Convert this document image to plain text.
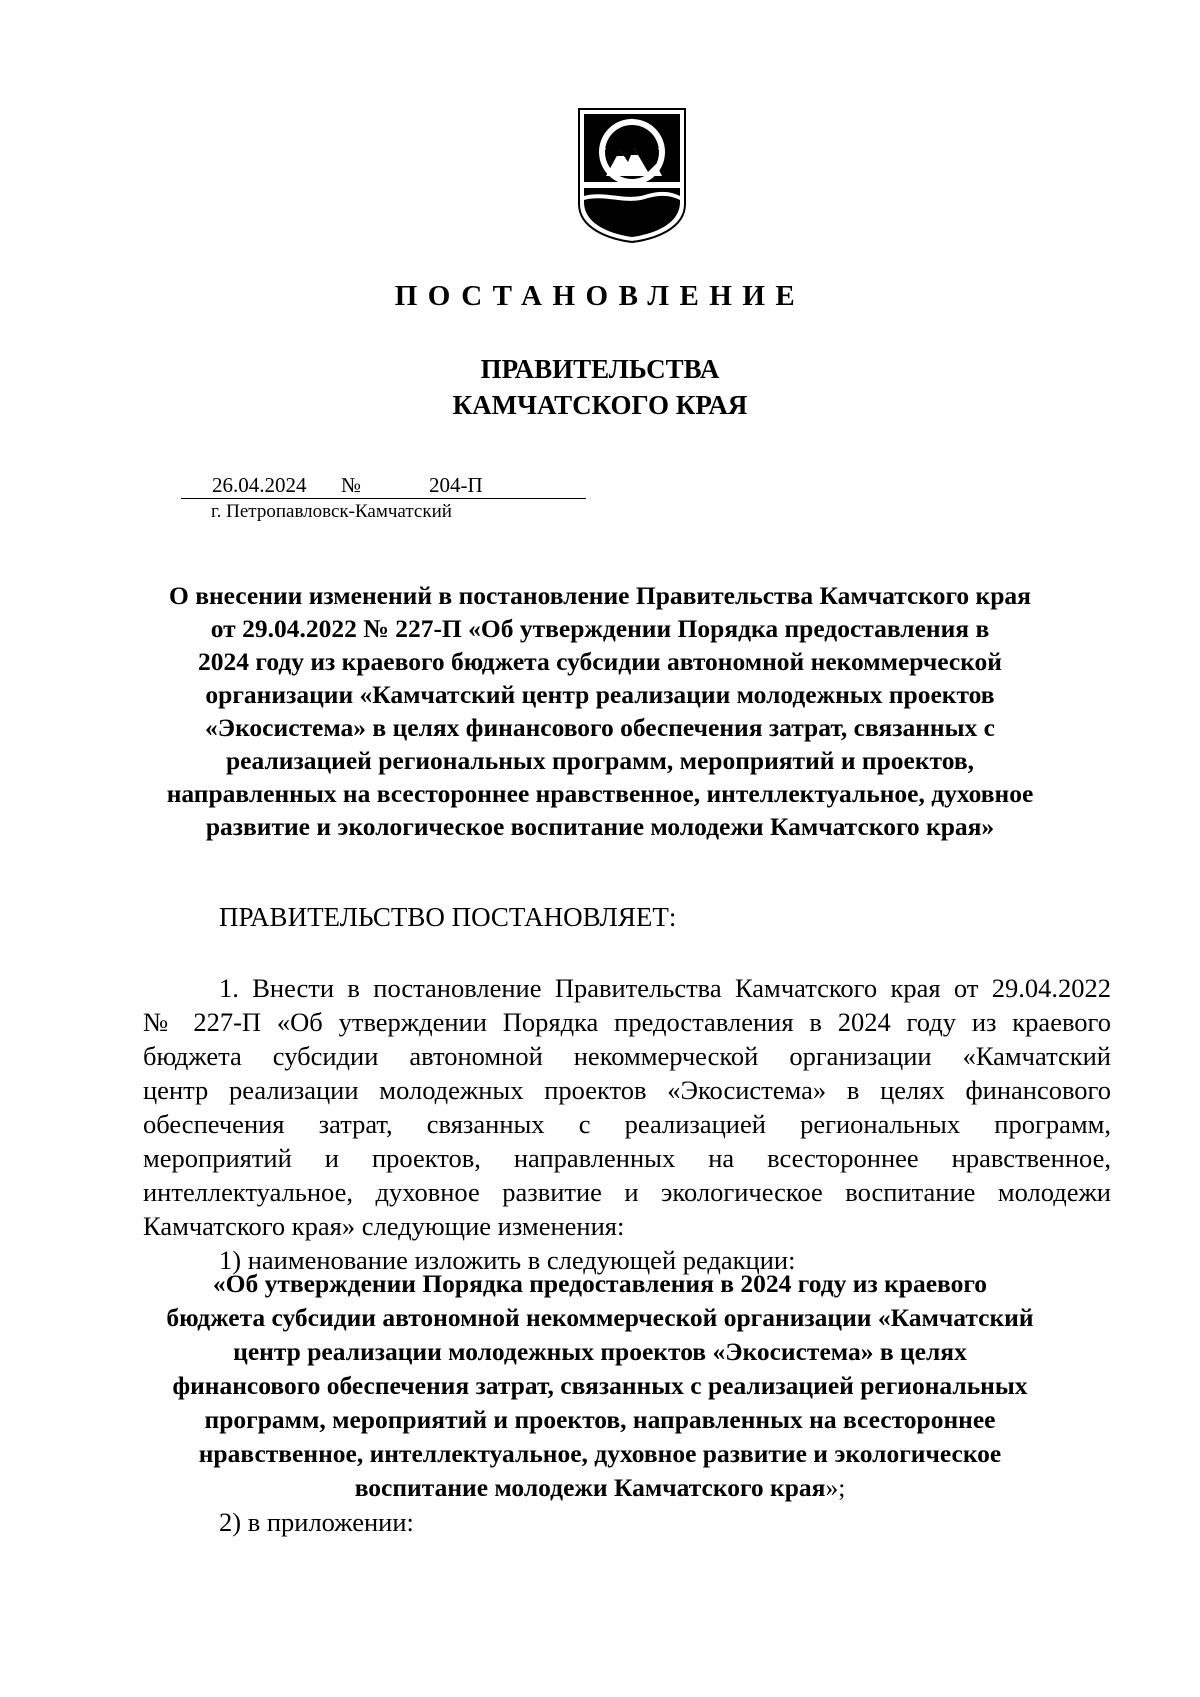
ПОСТАНОВЛЕНИЕ
ПРАВИТЕЛЬСТВА
КАМЧАТСКОГО КРАЯ
26.04.2024 №	204-П
г. Петропавловск-Камчатский
О внесении изменений в постановление Правительства Камчатского края
от 29.04.2022 № 227-П «Об утверждении Порядка предоставления в
2024 году из краевого бюджета субсидии автономной некоммерческой
организации «Камчатский центр реализации молодежных проектов
«Экосистема» в целях финансового обеспечения затрат, связанных с
реализацией региональных программ, мероприятий и проектов,
направленных на всестороннее нравственное, интеллектуальное, духовное
развитие и экологическое воспитание молодежи Камчатского края»
ПРАВИТЕЛЬСТВО ПОСТАНОВЛЯЕТ:
1. Внести в постановление Правительства Камчатского края от 29.04.2022
№ 227-П «Об утверждении Порядка предоставления в 2024 году из краевого
бюджета субсидии автономной некоммерческой организации «Камчатский
центр реализации молодежных проектов «Экосистема» в целях финансового
обеспечения затрат, связанных с реализацией региональных программ,
мероприятий и проектов, направленных на всестороннее нравственное,
интеллектуальное, духовное развитие и экологическое воспитание молодежи
Камчатского края» следующие изменения:
1) наименование изложить в следующей редакции:
«Об утверждении Порядка предоставления в 2024 году из краевого
бюджета субсидии автономной некоммерческой организации «Камчатский
центр реализации молодежных проектов «Экосистема» в целях
финансового обеспечения затрат, связанных с реализацией региональных
программ, мероприятий и проектов, направленных на всестороннее
нравственное, интеллектуальное, духовное развитие и экологическое
воспитание молодежи Камчатского края»;
2) в приложении:
